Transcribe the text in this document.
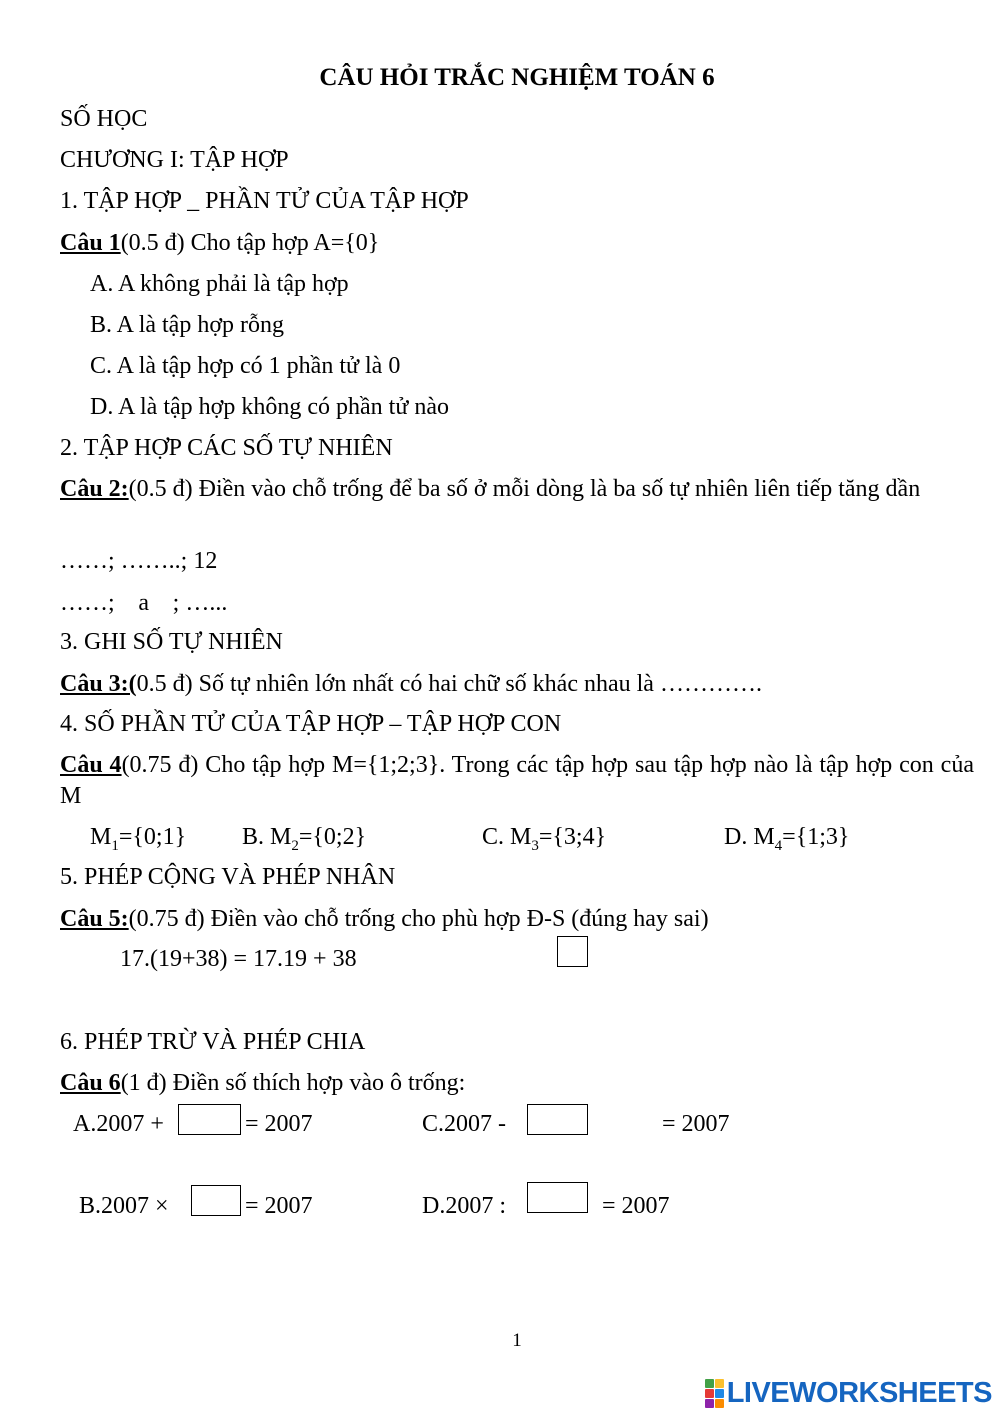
CÂU HỎI TRẮC NGHIỆM TOÁN 6
SỐ HỌC
CHƯƠNG I: TẬP HỢP
1. TẬP HỢP _ PHẦN TỬ CỦA TẬP HỢP
Câu 1(0.5 đ) Cho tập hợp A={0}
A. A không phải là tập hợp
B. A là tập hợp rỗng
C. A là tập hợp có 1 phần tử là 0
D. A là tập hợp không có phần tử nào
2. TẬP HỢP CÁC SỐ TỰ NHIÊN
Câu 2:(0.5 đ) Điền vào chỗ trống để ba số ở mỗi dòng là ba số tự nhiên liên tiếp tăng dần
……; ……..; 12
……; a ; …...
3. GHI SỐ TỰ NHIÊN
Câu 3:(0.5 đ) Số tự nhiên lớn nhất có hai chữ số khác nhau là ………….
4. SỐ PHẦN TỬ CỦA TẬP HỢP – TẬP HỢP CON
Câu 4(0.75 đ) Cho tập hợp M={1;2;3}. Trong các tập hợp sau tập hợp nào là tập hợp con của M
$M_1=\{0;1\}$ B. $M_2=\{0;2\}$	C. $M_3=\{3;4\}$	D. $M_4=\{1;3\}$
5. PHÉP CỘNG VÀ PHÉP NHÂN
Câu 5:(0.75 đ) Điền vào chỗ trống cho phù hợp Đ-S (đúng hay sai)
17.(19+38) = 17.19 + 38
6. PHÉP TRỪ VÀ PHÉP CHIA
Câu 6(1 đ) Điền số thích hợp vào ô trống:
A.2007 +	= 2007	C.2007 -	= 2007
B.2007 ×	= 2007	D.2007 :	= 2007
1
LIVEWORKSHEETS
